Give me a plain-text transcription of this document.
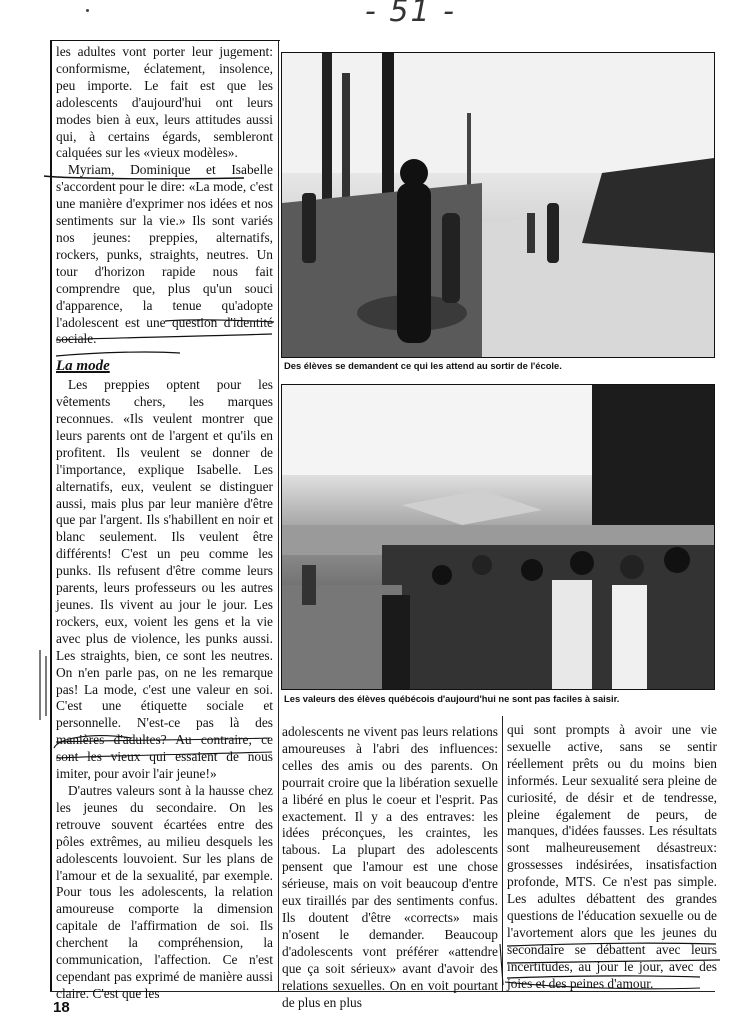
- 51 -
Des élèves se demandent ce qui les attend au sortir de l'école.
Les valeurs des élèves québécois d'aujourd'hui ne sont pas faciles à saisir.

les adultes vont porter leur jugement: conformisme, éclatement, insolence, peu importe. Le fait est que les adolescents d'aujourd'hui ont leurs modes bien à eux, leurs attitudes aussi qui, à certains égards, sembleront calquées sur les «vieux modèles».

Myriam, Dominique et Isabelle s'accordent pour le dire: «La mode, c'est une manière d'exprimer nos idées et nos sentiments sur la vie.» Ils sont variés nos jeunes: preppies, alternatifs, rockers, punks, straights, neutres. Un tour d'horizon rapide nous fait comprendre que, plus qu'un souci d'apparence, la tenue qu'adopte l'adolescent est une question d'identité sociale.

La mode

Les preppies optent pour les vêtements chers, les marques reconnues. «Ils veulent montrer que leurs parents ont de l'argent et qu'ils en profitent. Ils veulent se donner de l'importance, explique Isabelle. Les alternatifs, eux, veulent se distinguer aussi, mais plus par leur manière d'être que par l'argent. Ils s'habillent en noir et blanc seulement. Ils veulent être différents! C'est un peu comme les punks. Ils refusent d'être comme leurs parents, leurs professeurs ou les autres jeunes. Ils vivent au jour le jour. Les rockers, eux, voient les gens et la vie avec plus de violence, les punks aussi. Les straights, bien, ce sont les neutres. On n'en parle pas, on ne les remarque pas! La mode, c'est une valeur en soi. C'est une étiquette sociale et personnelle. N'est-ce pas là des manières d'adultes? Au contraire, ce sont les vieux qui essaient de nous imiter, pour avoir l'air jeune!»

D'autres valeurs sont à la hausse chez les jeunes du secondaire. On les retrouve souvent écartées entre des pôles extrêmes, au milieu desquels les adolescents louvoient. Sur les plans de l'amour et de la sexualité, par exemple. Pour tous les adolescents, la relation amoureuse comporte la dimension capitale de l'affirmation de soi. Ils cherchent la compréhension, la communication, l'affection. Ce n'est cependant pas exprimé de manière aussi claire. C'est que les

adolescents ne vivent pas leurs relations amoureuses à l'abri des influences: celles des amis ou des parents. On pourrait croire que la libération sexuelle a libéré en plus le coeur et l'esprit. Pas exactement. Il y a des entraves: les idées préconçues, les craintes, les tabous. La plupart des adolescents pensent que l'amour est une chose sérieuse, mais on voit beaucoup d'entre eux tiraillés par des sentiments confus. Ils doutent d'être «corrects» mais n'osent le demander. Beaucoup d'adolescents vont préférer «attendre que ça soit sérieux» avant d'avoir des relations sexuelles. On en voit pourtant de plus en plus

qui sont prompts à avoir une vie sexuelle active, sans se sentir réellement prêts ou du moins bien informés. Leur sexualité sera pleine de curiosité, de désir et de tendresse, pleine également de peurs, de manques, d'idées fausses. Les résultats sont malheureusement désastreux: grossesses indésirées, insatisfaction profonde, MTS. Ce n'est pas simple. Les adultes débattent des grandes questions de l'éducation sexuelle ou de l'avortement alors que les jeunes du secondaire se débattent avec leurs incertitudes, au jour le jour, avec des joies et des peines d'amour.

18
